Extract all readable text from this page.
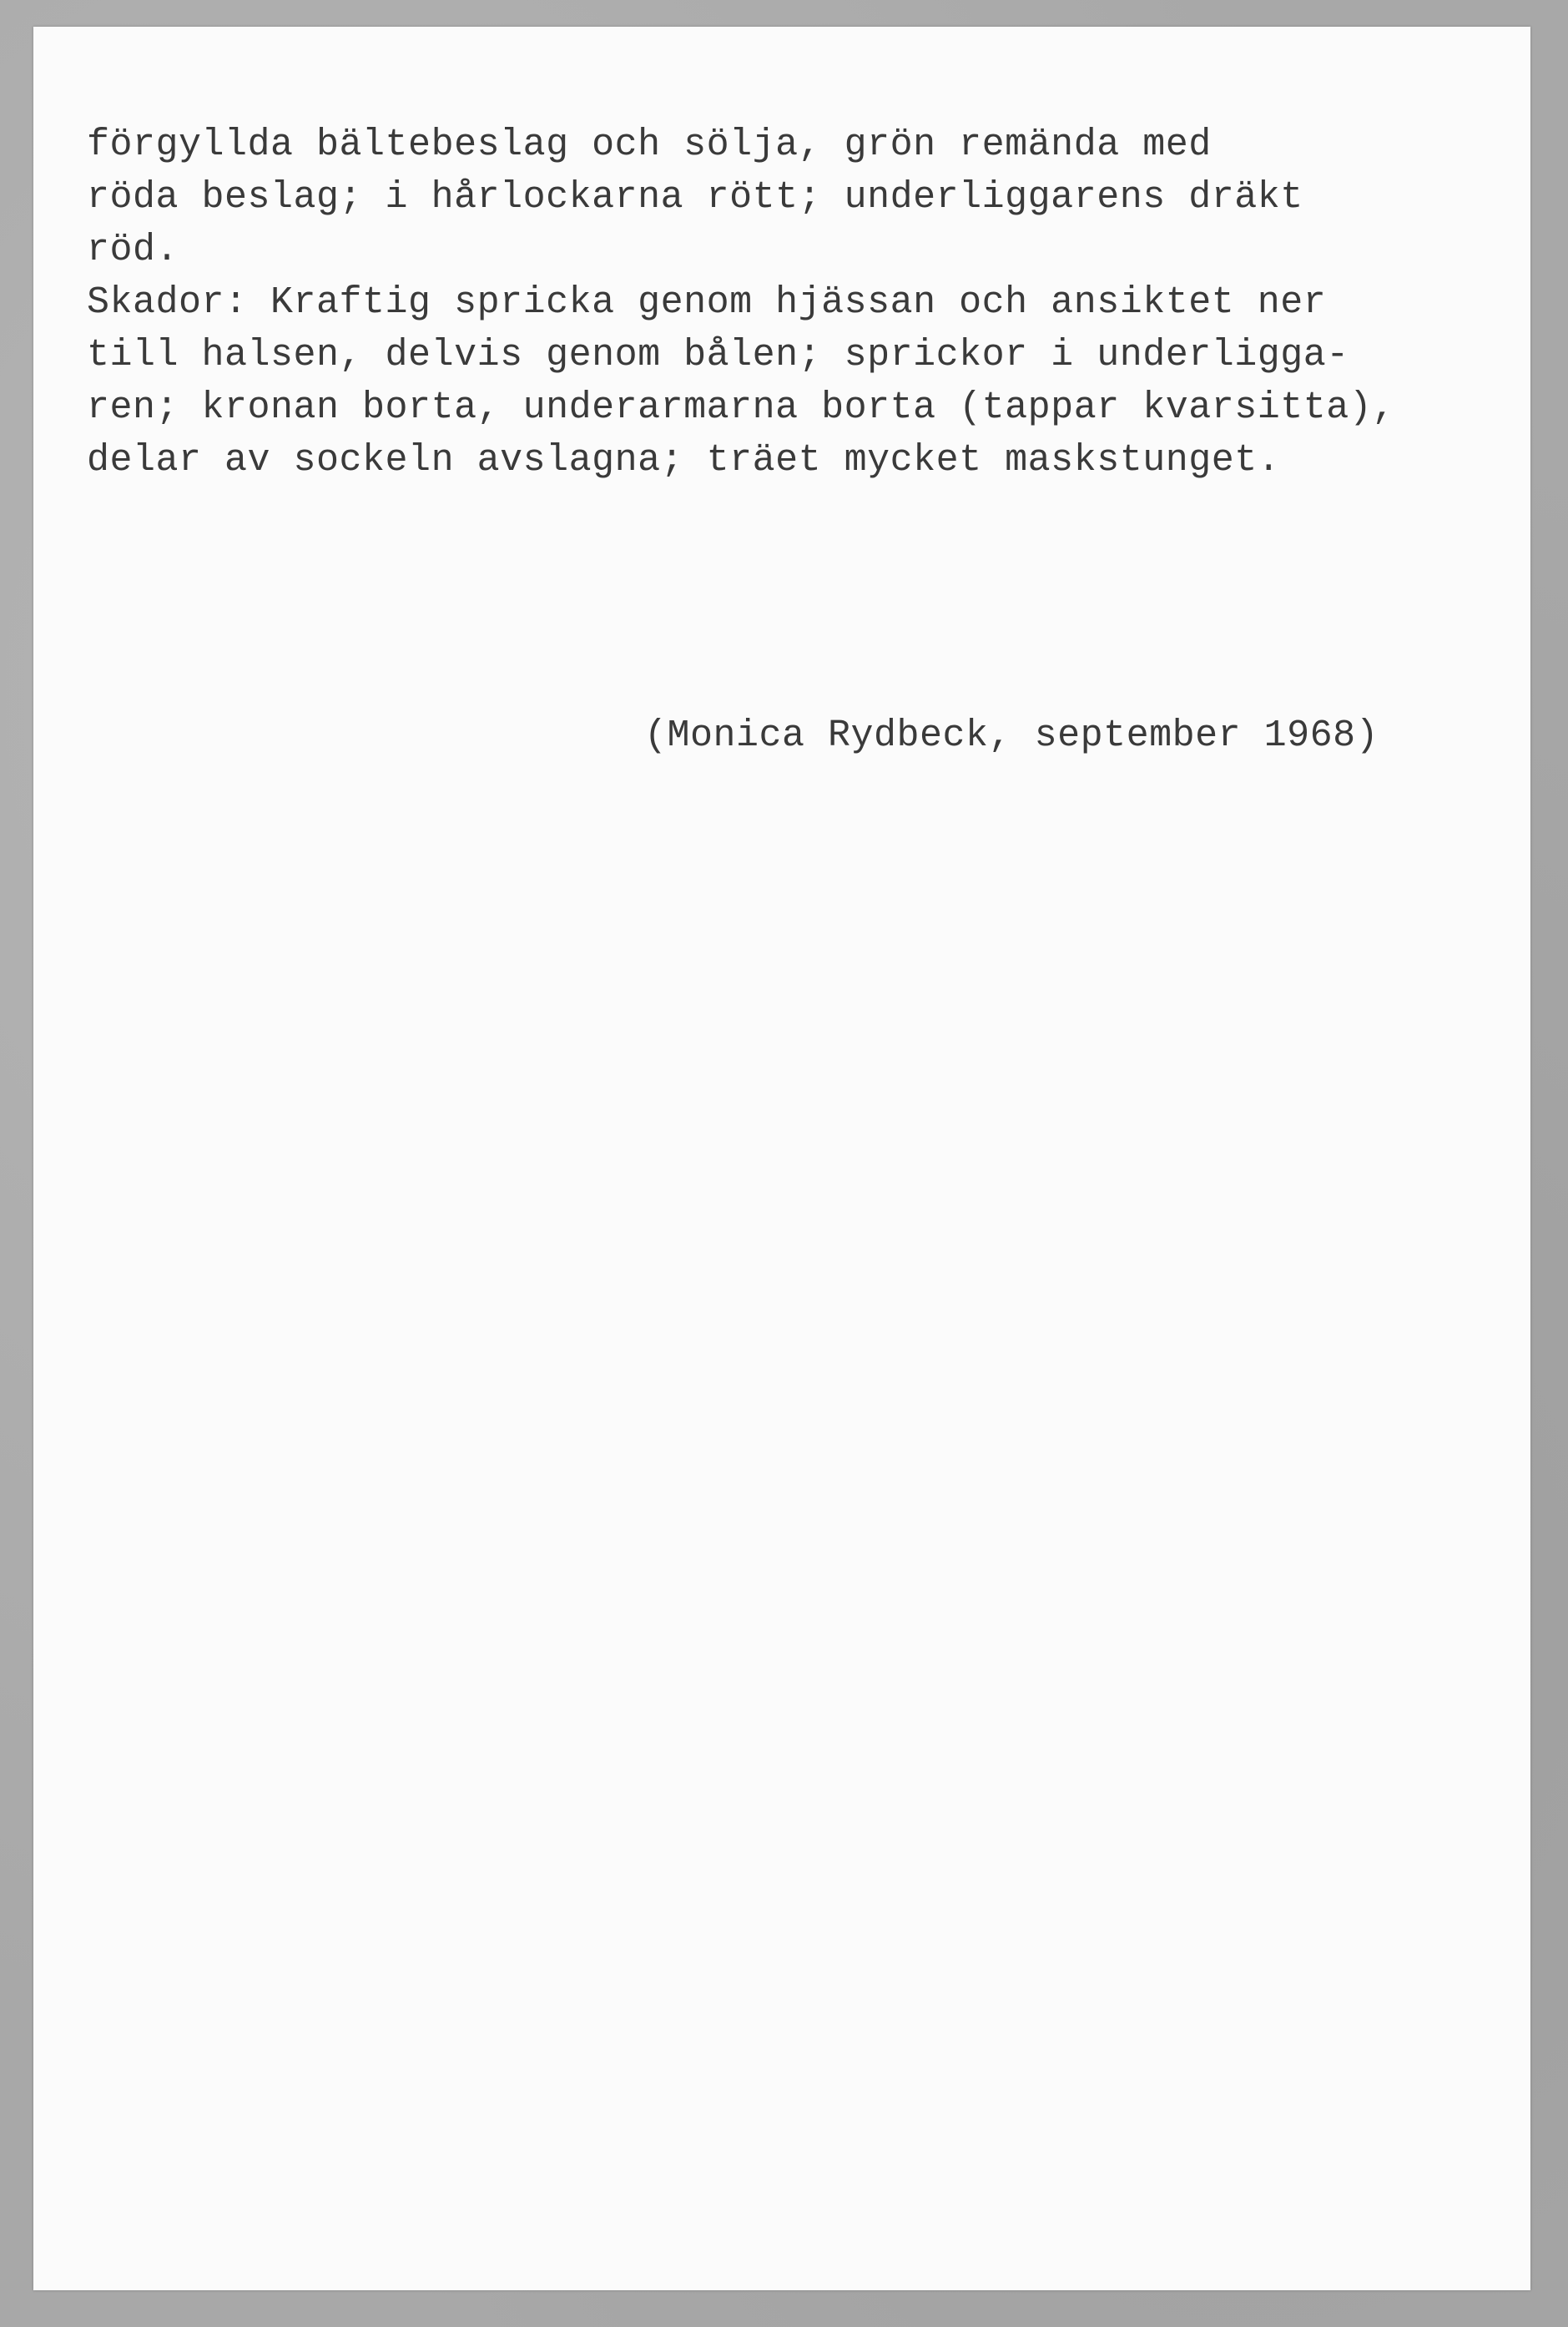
förgyllda bältebeslag och sölja, grön remända med
röda beslag; i hårlockarna rött; underliggarens dräkt
röd.
Skador: Kraftig spricka genom hjässan och ansiktet ner
till halsen, delvis genom bålen; sprickor i underligga-
ren; kronan borta, underarmarna borta (tappar kvarsitta),
delar av sockeln avslagna; träet mycket maskstunget.
(Monica Rydbeck, september 1968)
